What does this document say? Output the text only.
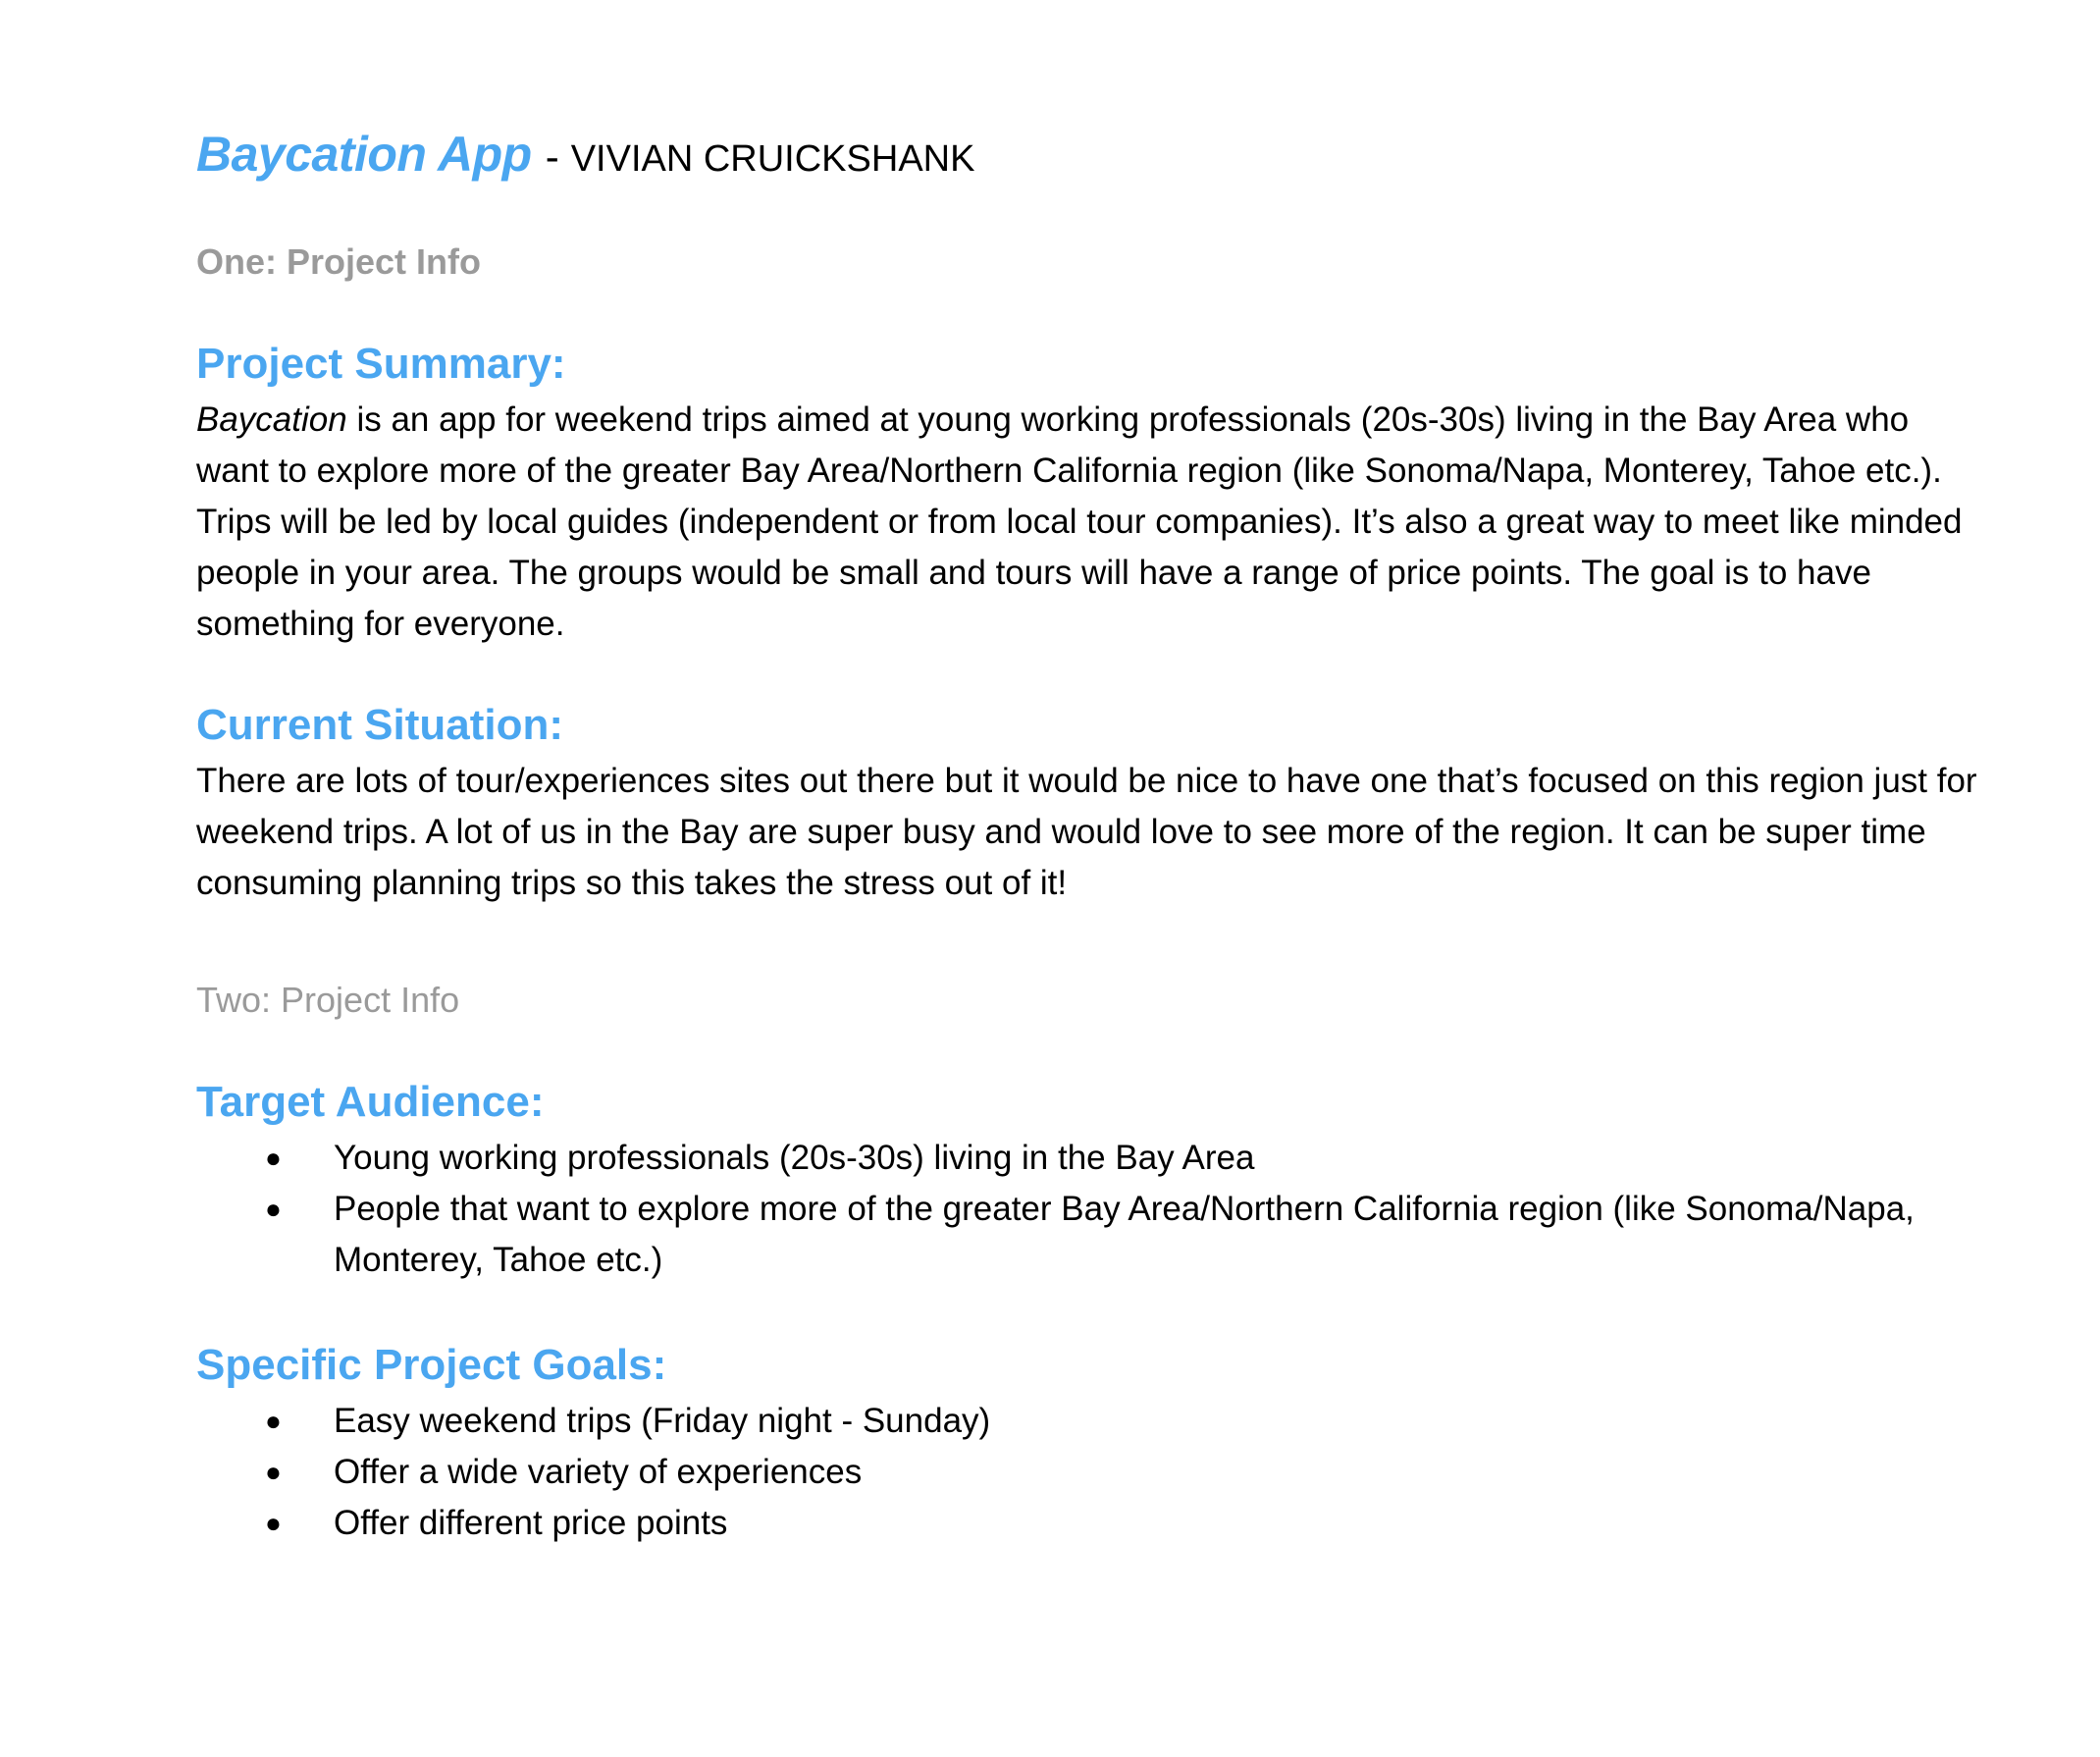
Baycation App - VIVIAN CRUICKSHANK
One: Project Info
Project Summary:

Baycation is an app for weekend trips aimed at young working professionals (20s-30s) living in the Bay Area who want to explore more of the greater Bay Area/Northern California region (like Sonoma/Napa, Monterey, Tahoe etc.). Trips will be led by local guides (independent or from local tour companies). It’s also a great way to meet like minded people in your area. The groups would be small and tours will have a range of price points. The goal is to have something for everyone.

Current Situation:

There are lots of tour/experiences sites out there but it would be nice to have one that’s focused on this region just for weekend trips. A lot of us in the Bay are super busy and would love to see more of the region. It can be super time consuming planning trips so this takes the stress out of it!

Two: Project Info
Target Audience:
● Young working professionals (20s-30s) living in the Bay Area
● People that want to explore more of the greater Bay Area/Northern California region (like Sonoma/Napa, Monterey, Tahoe etc.)
Specific Project Goals:
● Easy weekend trips (Friday night - Sunday)
● Offer a wide variety of experiences
● Offer different price points
